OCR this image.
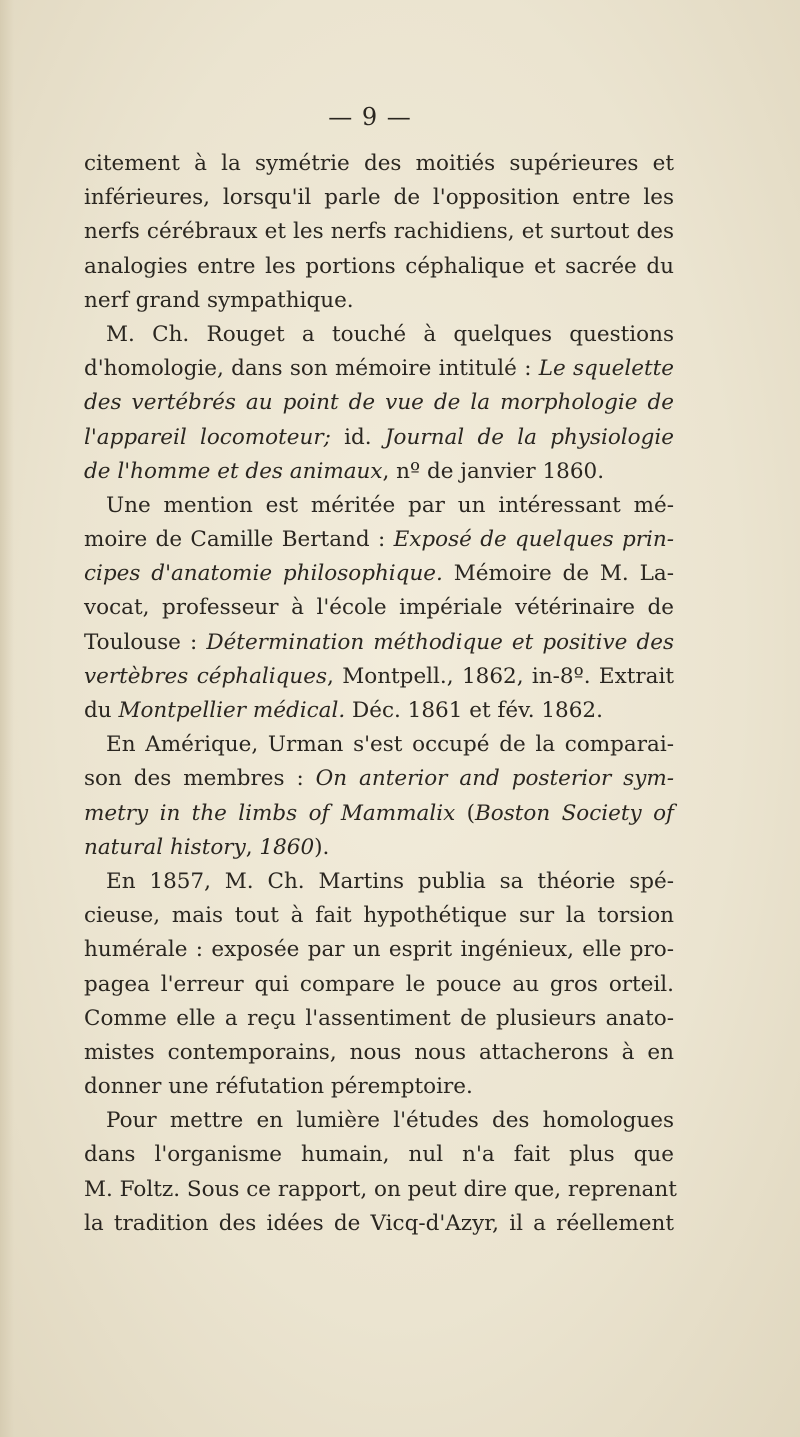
— 9 —
citement à la symétrie des moitiés supérieures et
inférieures, lorsqu'il parle de l'opposition entre les
nerfs cérébraux et les nerfs rachidiens, et surtout des
analogies entre les portions céphalique et sacrée du
nerf grand sympathique.
M. Ch. Rouget a touché à quelques questions
d'homologie, dans son mémoire intitulé : Le squelette
des vertébrés au point de vue de la morphologie de
l'appareil locomoteur; id. Journal de la physiologie
de l'homme et des animaux, nº de janvier 1860.
Une mention est méritée par un intéressant mé-
moire de Camille Bertand : Exposé de quelques prin-
cipes d'anatomie philosophique. Mémoire de M. La-
vocat, professeur à l'école impériale vétérinaire de
Toulouse : Détermination méthodique et positive des
vertèbres céphaliques, Montpell., 1862, in-8º. Extrait
du Montpellier médical. Déc. 1861 et fév. 1862.
En Amérique, Urman s'est occupé de la comparai-
son des membres : On anterior and posterior sym-
metry in the limbs of Mammalix (Boston Society of
natural history, 1860).
En 1857, M. Ch. Martins publia sa théorie spé-
cieuse, mais tout à fait hypothétique sur la torsion
humérale : exposée par un esprit ingénieux, elle pro-
pagea l'erreur qui compare le pouce au gros orteil.
Comme elle a reçu l'assentiment de plusieurs anato-
mistes contemporains, nous nous attacherons à en
donner une réfutation péremptoire.
Pour mettre en lumière l'études des homologues
dans l'organisme humain, nul n'a fait plus que
M. Foltz. Sous ce rapport, on peut dire que, reprenant
la tradition des idées de Vicq-d'Azyr, il a réellement
